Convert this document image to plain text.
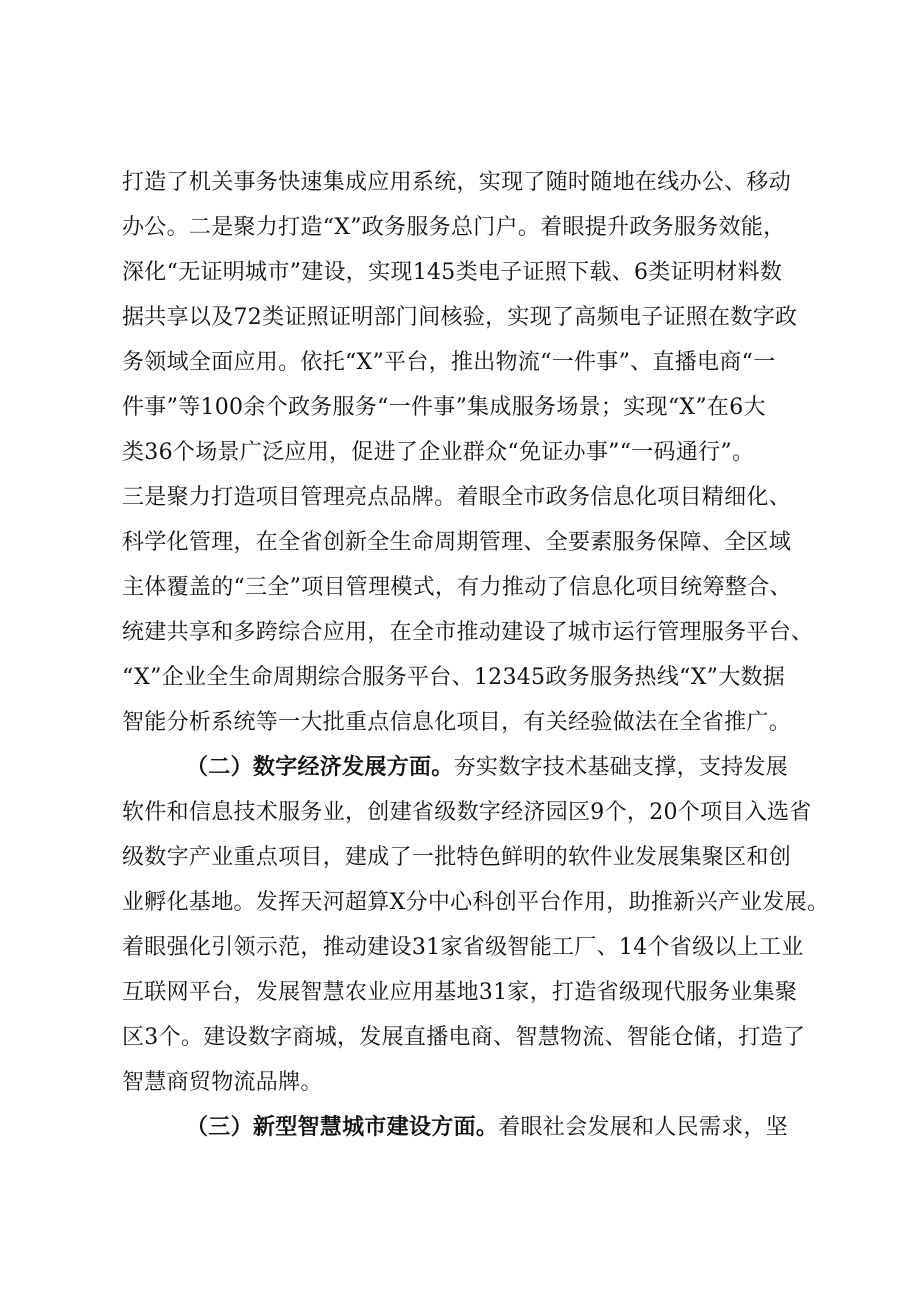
打造了机关事务快速集成应用系统，实现了随时随地在线办公、移动
办公。二是聚力打造“X”政务服务总门户。着眼提升政务服务效能，
深化“无证明城市”建设，实现145类电子证照下载、6类证明材料数
据共享以及72类证照证明部门间核验，实现了高频电子证照在数字政
务领域全面应用。依托“X”平台，推出物流“一件事”、直播电商“一
件事”等100余个政务服务“一件事”集成服务场景；实现“X”在6大
类36个场景广泛应用，促进了企业群众“免证办事”“一码通行”。
三是聚力打造项目管理亮点品牌。着眼全市政务信息化项目精细化、
科学化管理，在全省创新全生命周期管理、全要素服务保障、全区域
主体覆盖的“三全”项目管理模式，有力推动了信息化项目统筹整合、
统建共享和多跨综合应用，在全市推动建设了城市运行管理服务平台、
“X”企业全生命周期综合服务平台、12345政务服务热线“X”大数据
智能分析系统等一大批重点信息化项目，有关经验做法在全省推广。
（二）数字经济发展方面。夯实数字技术基础支撑，支持发展
软件和信息技术服务业，创建省级数字经济园区9个，20个项目入选省
级数字产业重点项目，建成了一批特色鲜明的软件业发展集聚区和创
业孵化基地。发挥天河超算X分中心科创平台作用，助推新兴产业发展。
着眼强化引领示范，推动建设31家省级智能工厂、14个省级以上工业
互联网平台，发展智慧农业应用基地31家，打造省级现代服务业集聚
区3个。建设数字商城，发展直播电商、智慧物流、智能仓储，打造了
智慧商贸物流品牌。
（三）新型智慧城市建设方面。着眼社会发展和人民需求，坚
